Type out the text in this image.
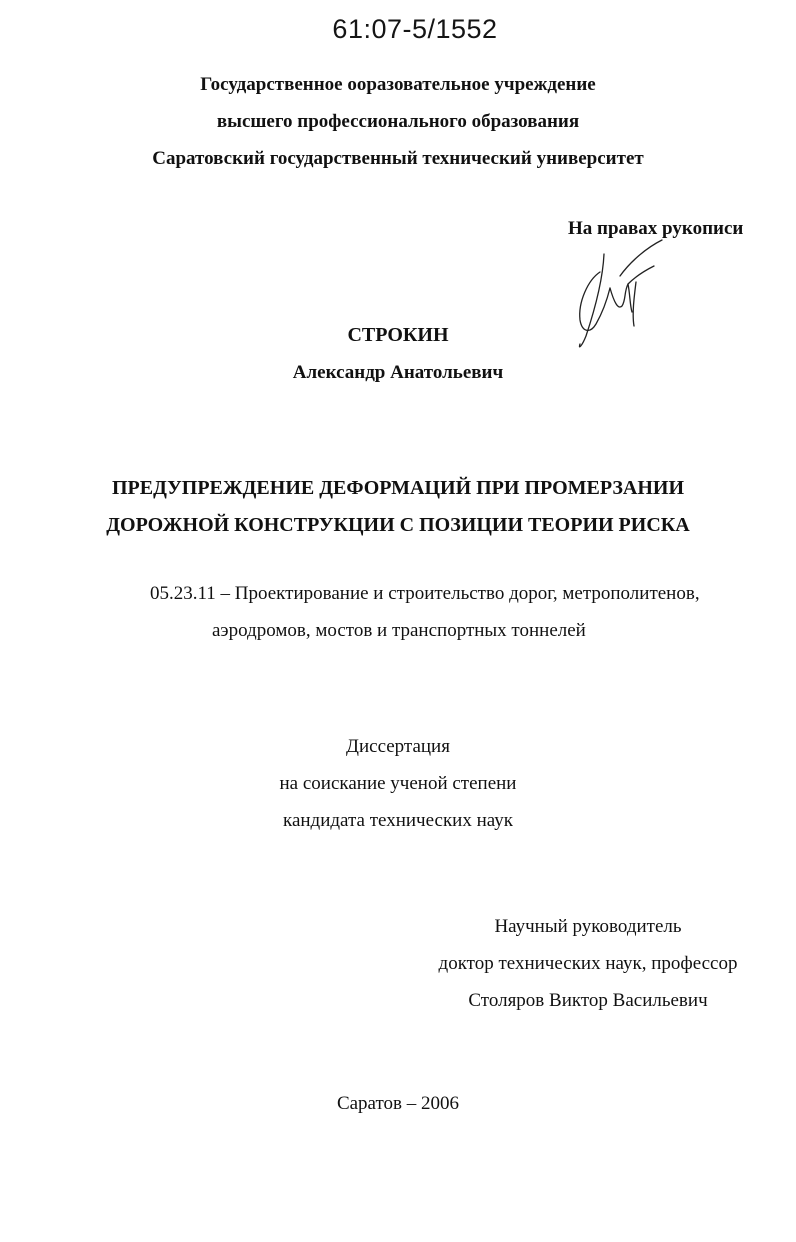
61:07-5/1552
Государственное ооразовательное учреждение
высшего профессионального образования
Саратовский государственный технический университет
На правах рукописи
СТРОКИН
Александр Анатольевич
ПРЕДУПРЕЖДЕНИЕ ДЕФОРМАЦИЙ ПРИ ПРОМЕРЗАНИИ
ДОРОЖНОЙ КОНСТРУКЦИИ С ПОЗИЦИИ ТЕОРИИ РИСКА
05.23.11 – Проектирование и строительство дорог, метрополитенов,
аэродромов, мостов и транспортных тоннелей
Диссертация
на соискание ученой степени
кандидата технических наук
Научный руководитель
доктор технических наук, профессор
Столяров Виктор Васильевич
Саратов – 2006
